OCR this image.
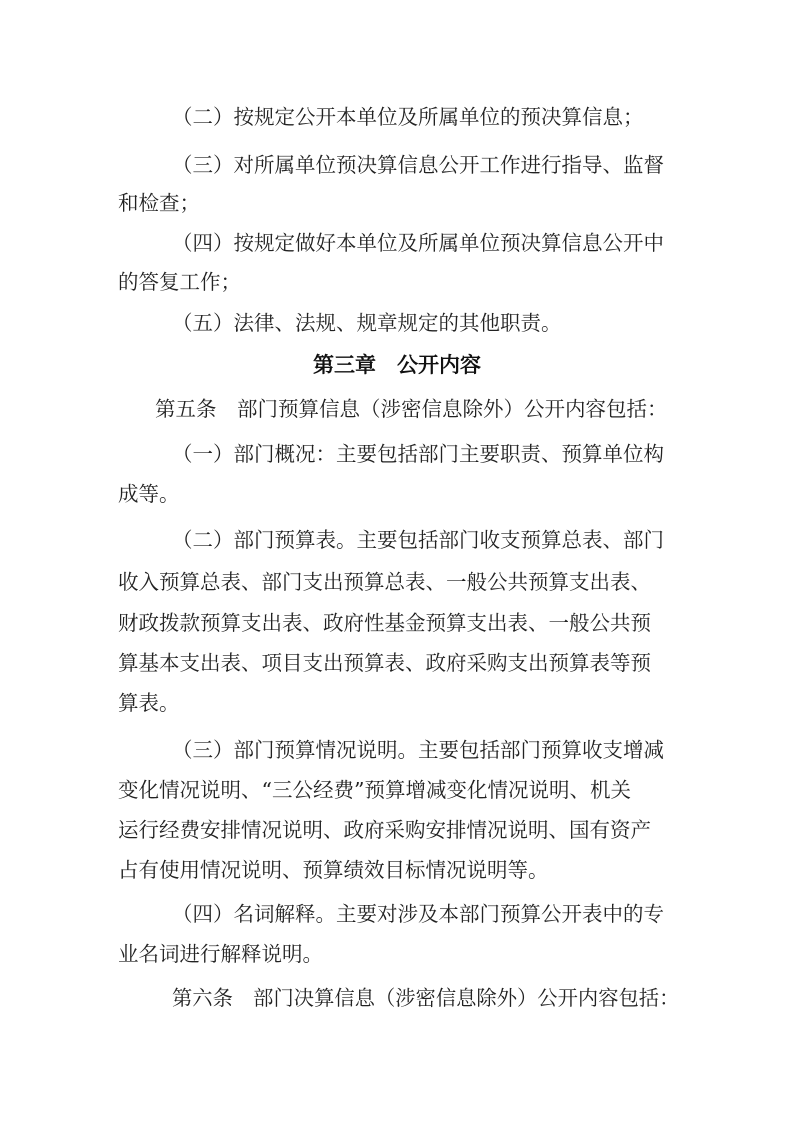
（二）按规定公开本单位及所属单位的预决算信息；
（三）对所属单位预决算信息公开工作进行指导、监督
和检查；
（四）按规定做好本单位及所属单位预决算信息公开中
的答复工作；
（五）法律、法规、规章规定的其他职责。
第三章　公开内容
第五条　部门预算信息（涉密信息除外）公开内容包括：
（一）部门概况：主要包括部门主要职责、预算单位构
成等。
（二）部门预算表。主要包括部门收支预算总表、部门
收入预算总表、部门支出预算总表、一般公共预算支出表、
财政拨款预算支出表、政府性基金预算支出表、一般公共预
算基本支出表、项目支出预算表、政府采购支出预算表等预
算表。
（三）部门预算情况说明。主要包括部门预算收支增减
变化情况说明、“三公经费”预算增减变化情况说明、机关
运行经费安排情况说明、政府采购安排情况说明、国有资产
占有使用情况说明、预算绩效目标情况说明等。
（四）名词解释。主要对涉及本部门预算公开表中的专
业名词进行解释说明。
第六条　部门决算信息（涉密信息除外）公开内容包括：
